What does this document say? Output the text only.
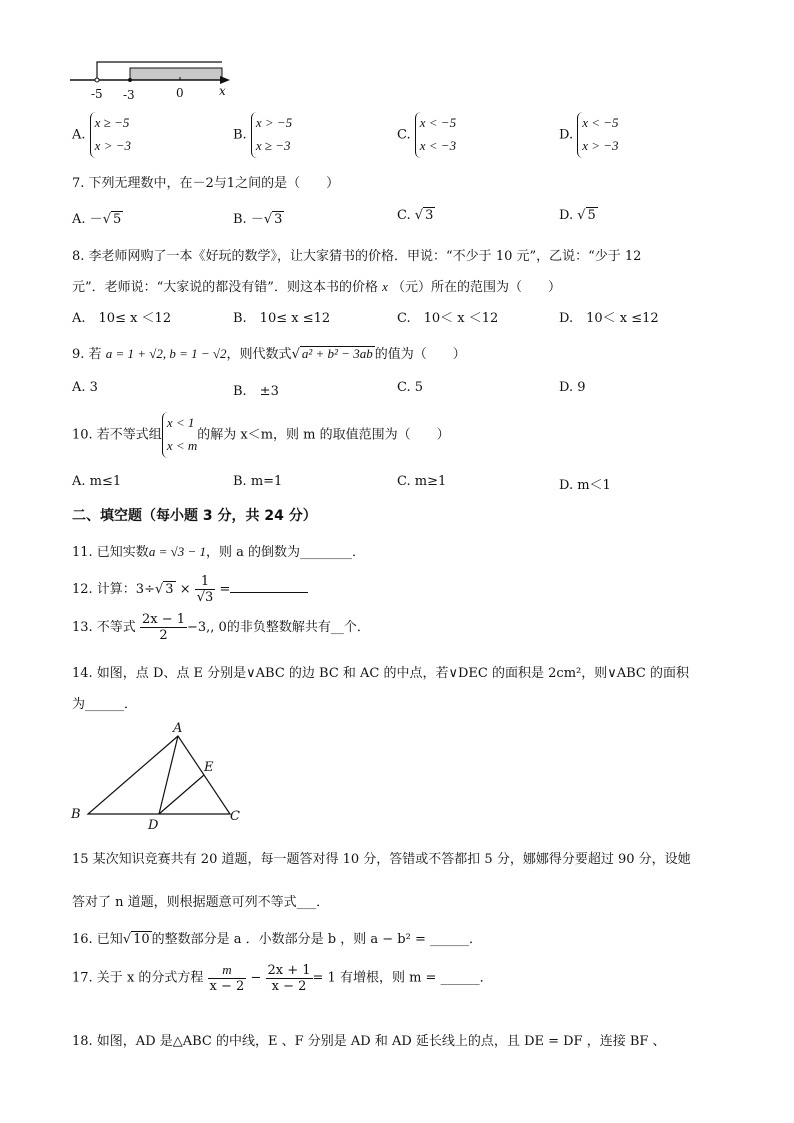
-5 -3	0	x
A. x ≥ −5
x > −3
B. x > −5
x ≥ −3
C. x < −5
x < −3
D. x < −5
x > −3
7. 下列无理数中，在－2与1之间的是（　　）
A. －√ 5	B. －√ 3	C. √ 3	D. √ 5
8. 李老师网购了一本《好玩的数学》，让大家猜书的价格．甲说：“不少于 10 元”，乙说：“少于 12
元”．老师说：“大家说的都没有错”．则这本书的价格 x （元）所在的范围为（　　）
A.　10≤ x ＜12	B.　10≤ x ≤12	C.　10＜ x ＜12	D.　10＜ x ≤12
9. 若 a = 1 + √2, b = 1 − √2，则代数式√ a² + b² − 3ab 的值为（　　）
A. 3	B.　±3	C. 5	D. 9
10. 若不等式组x < 1
x < m的解为 x＜m，则 m 的取值范围为（　　）
A. m≤1	B. m=1	C. m≥1	D. m＜1
二、填空题（每小题 3 分，共 24 分）
11. 已知实数a = √3 − 1，则 a 的倒数为________．
12. 计算：3÷√ $3 \times \frac{1}{√3}$ =
13. 不等式 $\frac{2x - 1}{2} -3$,, 0的非负整数解共有__个．
14. 如图，点 D、点 E 分别是∨ABC 的边 BC 和 AC 的中点，若∨DEC 的面积是 2cm²，则∨ABC 的面积
为______．
A
E
B
D
C
15 某次知识竞赛共有 20 道题，每一题答对得 10 分，答错或不答都扣 5 分，娜娜得分要超过 90 分，设她
答对了 n 道题，则根据题意可列不等式___．
16. 已知√ 10 的整数部分是 a ．小数部分是 b ，则 a − b² = ______．
17. 关于 x 的分式方程 $\frac{m}{x - 2} - \frac{2x + 1}{x - 2} = 1$ 有增根，则 m = ______．
18. 如图，AD 是△ABC 的中线，E 、F 分别是 AD 和 AD 延长线上的点，且 DE = DF ，连接 BF 、
